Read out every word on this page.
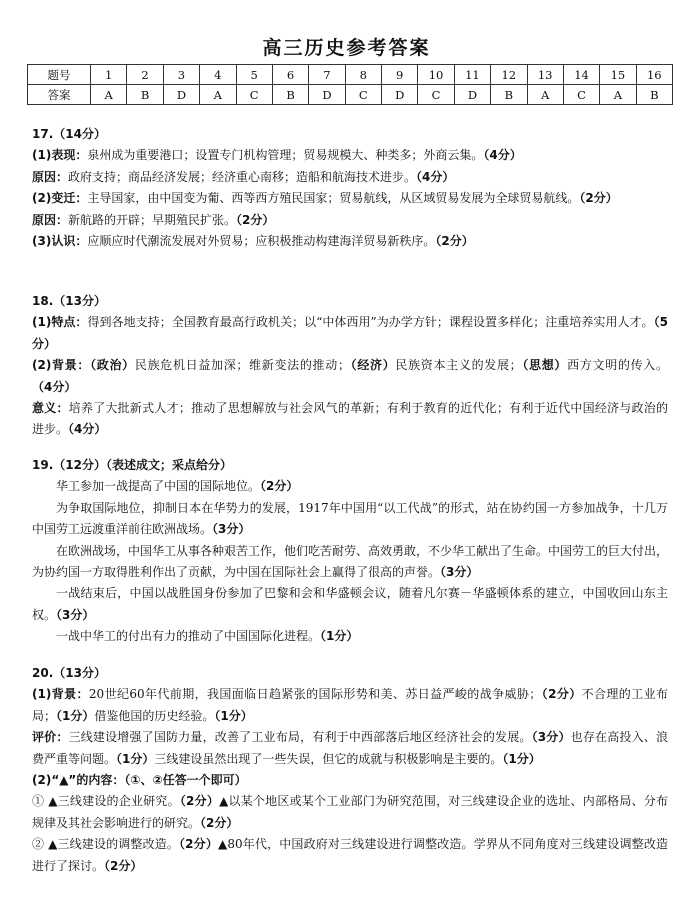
高三历史参考答案
题号	1	2	3	4	5	6	7	8	9	10	11	12	13	14	15	16
答案	A	B	D	A	C	B	D	C	D	C	D	B	A	C	A	B

17.（14分）

(1)表现：泉州成为重要港口；设置专门机构管理；贸易规模大、种类多；外商云集。（4分）

原因：政府支持；商品经济发展；经济重心南移；造船和航海技术进步。（4分）

(2)变迁：主导国家，由中国变为葡、西等西方殖民国家；贸易航线，从区域贸易发展为全球贸易航线。（2分）

原因：新航路的开辟；早期殖民扩张。（2分）

(3)认识：应顺应时代潮流发展对外贸易；应积极推动构建海洋贸易新秩序。（2分）

18.（13分）

(1)特点：得到各地支持；全国教育最高行政机关；以“中体西用”为办学方针；课程设置多样化；注重培养实用人才。（5分）

(2)背景：（政治）民族危机日益加深；维新变法的推动；（经济）民族资本主义的发展；（思想）西方文明的传入。（4分）

意义：培养了大批新式人才；推动了思想解放与社会风气的革新；有利于教育的近代化；有利于近代中国经济与政治的进步。（4分）

19.（12分）（表述成文；采点给分）

华工参加一战提高了中国的国际地位。（2分）

为争取国际地位，抑制日本在华势力的发展，1917年中国用“以工代战”的形式，站在协约国一方参加战争，十几万中国劳工远渡重洋前往欧洲战场。（3分）

在欧洲战场，中国华工从事各种艰苦工作，他们吃苦耐劳、高效勇敢，不少华工献出了生命。中国劳工的巨大付出，为协约国一方取得胜利作出了贡献，为中国在国际社会上赢得了很高的声誉。（3分）

一战结束后，中国以战胜国身份参加了巴黎和会和华盛顿会议，随着凡尔赛－华盛顿体系的建立，中国收回山东主权。（3分）

一战中华工的付出有力的推动了中国国际化进程。（1分）

20.（13分）

(1)背景：20世纪60年代前期，我国面临日趋紧张的国际形势和美、苏日益严峻的战争威胁；（2分）不合理的工业布局；（1分）借鉴他国的历史经验。（1分）

评价：三线建设增强了国防力量，改善了工业布局，有利于中西部落后地区经济社会的发展。（3分）也存在高投入、浪费严重等问题。（1分）三线建设虽然出现了一些失误，但它的成就与积极影响是主要的。（1分）

(2)“▲”的内容：（①、②任答一个即可）

① ▲三线建设的企业研究。（2分）▲以某个地区或某个工业部门为研究范围，对三线建设企业的选址、内部格局、分布规律及其社会影响进行的研究。（2分）

② ▲三线建设的调整改造。（2分）▲80年代，中国政府对三线建设进行调整改造。学界从不同角度对三线建设调整改造进行了探讨。（2分）
